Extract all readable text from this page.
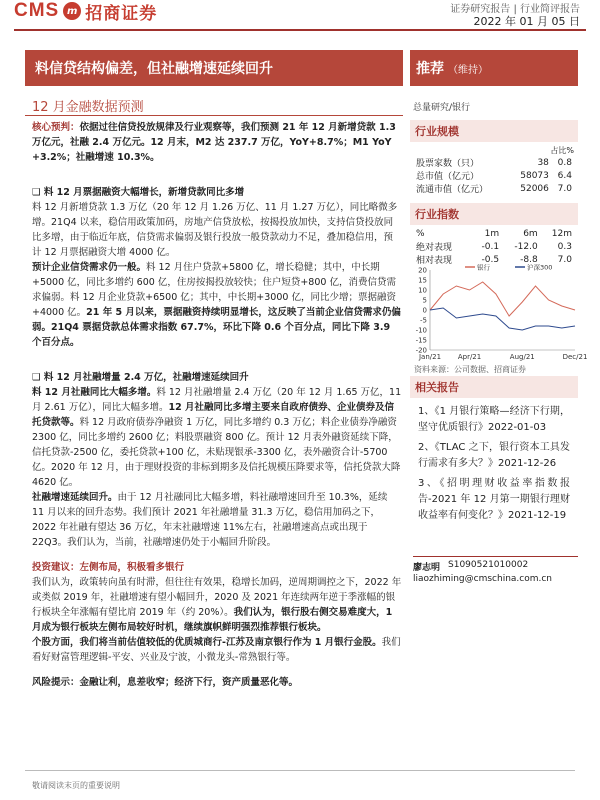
CMS m 招商证券	证券研究报告 | 行业简评报告
2022 年 01 月 05 日
料信贷结构偏差，但社融增速延续回升	推荐 （维持）
12 月金融数据预测	总量研究/银行

核心预判：依据过往信贷投放规律及行业观察等，我们预测 21 年 12 月新增贷款 1.3 万亿元，社融 2.4 万亿元。12 月末，M2 达 237.7 万亿，YoY+8.7%；M1 YoY +3.2%；社融增速 10.3%。

❑ 料 12 月票据融资大幅增长，新增贷款同比多增

料 12 月新增贷款 1.3 万亿（20 年 12 月 1.26 万亿、11 月 1.27 万亿），同比略微多增。21Q4 以来，稳信用政策加码，房地产信贷放松，按揭投放加快，支持信贷投放同比多增，由于临近年底，信贷需求偏弱及银行投放一般贷款动力不足，叠加稳信用，预计 12 月票据融资大增 4000 亿。

预计企业信贷需求仍一般。料 12 月住户贷款+5800 亿，增长稳健；其中，中长期+5000 亿，同比多增约 600 亿，住房按揭投放较快；住户短贷+800 亿，消费信贷需求偏弱。料 12 月企业贷款+6500 亿；其中，中长期+3000 亿，同比少增；票据融资+4000 亿。21 年 5 月以来，票据融资持续明显增长，这反映了当前企业信贷需求仍偏弱。21Q4 票据贷款总体需求指数 67.7%，环比下降 0.6 个百分点，同比下降 3.9 个百分点。

❑ 料 12 月社融增量 2.4 万亿，社融增速延续回升

料 12 月社融同比大幅多增。料 12 月社融增量 2.4 万亿（20 年 12 月 1.65 万亿，11 月 2.61 万亿），同比大幅多增。12 月社融同比多增主要来自政府债券、企业债券及信托贷款等。料 12 月政府债券净融资 1 万亿，同比多增约 0.3 万亿；料企业债券净融资 2300 亿，同比多增约 2600 亿；料股票融资 800 亿。预计 12 月表外融资延续下降，信托贷款-2500 亿，委托贷款+100 亿，未贴现银承-3300 亿，表外融资合计-5700 亿。2020 年 12 月，由于理财投资的非标到期多及信托规模压降要求等，信托贷款大降 4620 亿。

社融增速延续回升。由于 12 月社融同比大幅多增，料社融增速回升至 10.3%，延续 11 月以来的回升态势。我们预计 2021 年社融增量 31.3 万亿，稳信用加码之下，2022 年社融有望达 36 万亿，年末社融增速 11%左右，社融增速高点或出现于 22Q3。我们认为，当前，社融增速仍处于小幅回升阶段。

投资建议：左侧布局，积极看多银行

我们认为，政策转向虽有时滞，但往往有效果，稳增长加码，逆周期调控之下，2022 年或类似 2019 年，社融增速有望小幅回升，2020 及 2021 年连续两年逆于季涨幅的银行板块全年涨幅有望比肩 2019 年（约 20%）。我们认为，银行股右侧交易难度大，1 月成为银行板块左侧布局较好时机，继续旗帜鲜明强烈推荐银行板块。

个股方面，我们将当前估值较低的优质城商行-江苏及南京银行作为 1 月银行金股。我们看好财富管理逻辑-平安、兴业及宁波，小微龙头-常熟银行等。

风险提示：金融让利，息差收窄；经济下行，资产质量恶化等。

行业规模
占比%
股票家数（只）	38	0.8
总市值（亿元）	58073	6.4
流通市值（亿元）	52006	7.0
行业指数
%	1m	6m	12m
绝对表现	-0.1	-12.0	0.3
相对表现	-0.5	-8.8	7.0
20
15
10
5
0
-5
-10
-15
-20
Jan/21 Apr/21	Aug/21	Dec/21
银行	沪深300
资料来源：公司数据、招商证券
相关报告

1、《1 月银行策略—经济下行期，坚守优质银行》2022-01-03

2、《TLAC 之下，银行资本工具发行需求有多大？》2021-12-26

3、《招明理财收益率指数报告-2021 年 12 月第一期银行理财收益率有何变化？》2021-12-19

廖志明 S1090521010002
liaozhiming@cmschina.com.cn
敬请阅读末页的重要说明
